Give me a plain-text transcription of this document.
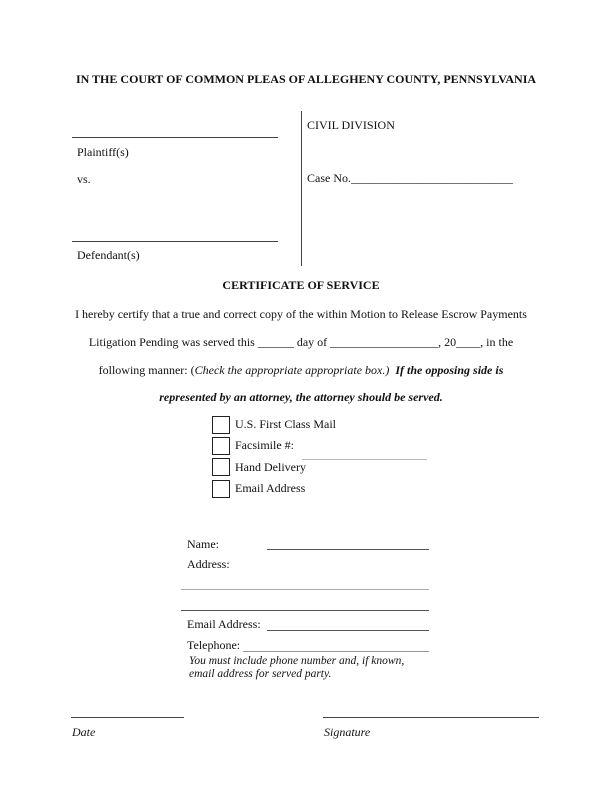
IN THE COURT OF COMMON PLEAS OF ALLEGHENY COUNTY, PENNSYLVANIA
Plaintiff(s)
vs.
Defendant(s)
CIVIL DIVISION
Case No.___________________________
CERTIFICATE OF SERVICE
I hereby certify that a true and correct copy of the within Motion to Release Escrow Payments
Litigation Pending was served this ______ day of __________________, 20____, in the
following manner: (Check the appropriate appropriate box.) If the opposing side is
represented by an attorney, the attorney should be served.
U.S. First Class Mail
Facsimile #:
Hand Delivery
Email Address
Name:
Address:
Email Address:
Telephone:
You must include phone number and, if known,
email address for served party.
Date	Signature
